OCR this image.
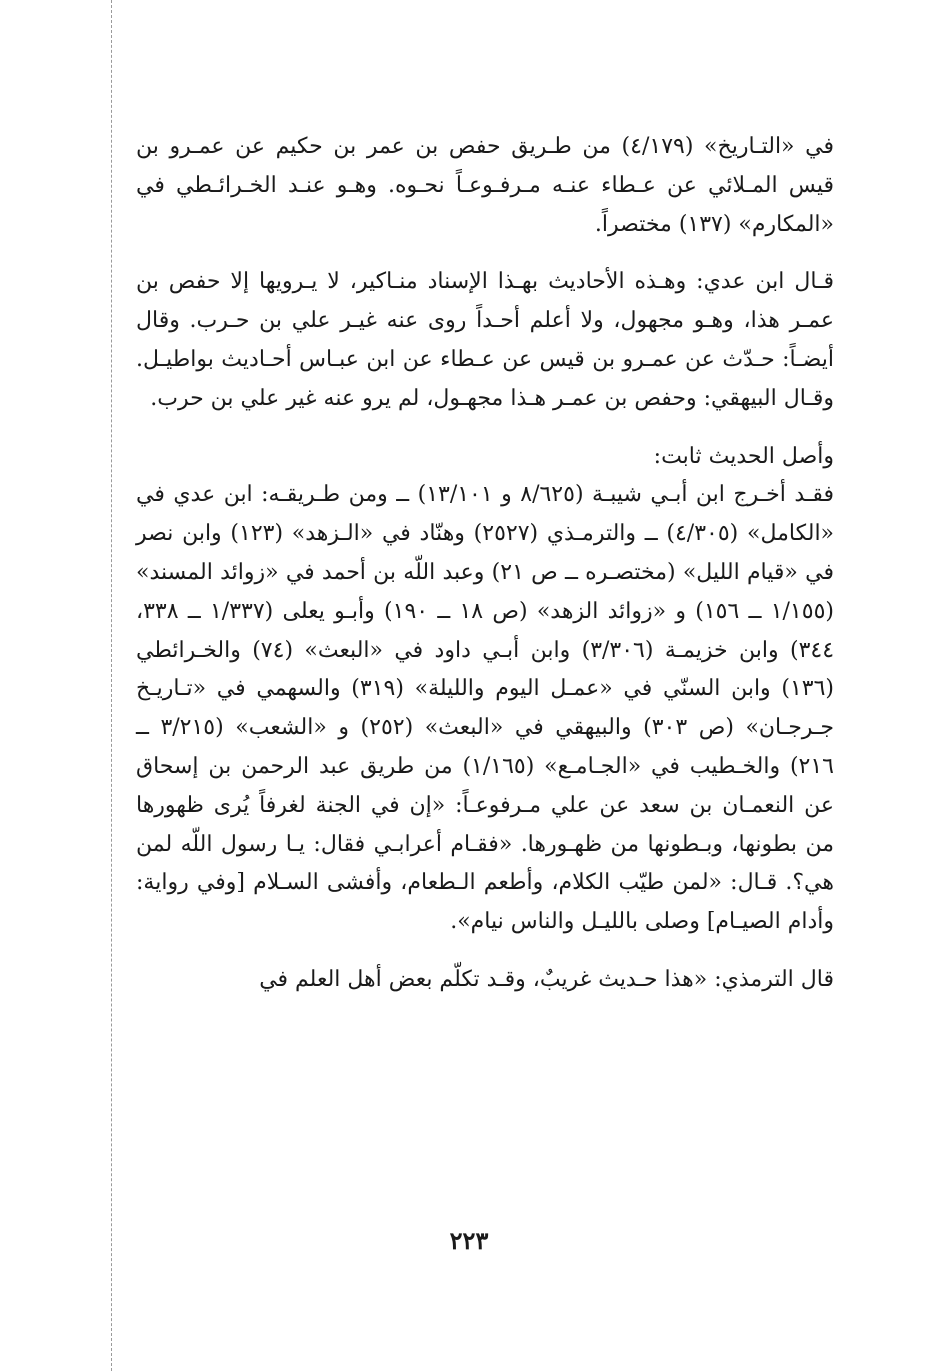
في «التـاريخ» (٤/١٧٩) من طـريق حفص بن عمر بن حكيم عن عمـرو بن قيس المـلائي عن عـطاء عنـه مـرفـوعـاً نحـوه. وهـو عنـد الخـرائـطي في «المكارم» (١٣٧) مختصراً.

قـال ابن عدي: وهـذه الأحاديث بهـذا الإسناد منـاكير، لا يـرويها إلا حفص بن عمـر هذا، وهـو مجهول، ولا أعلم أحـداً روى عنه غيـر علي بن حـرب. وقال أيضـاً: حـدّث عن عمـرو بن قيس عن عـطاء عن ابن عبـاس أحـاديث بواطيـل. وقـال البيهقي: وحفص بن عمـر هـذا مجهـول، لم يرو عنه غير علي بن حرب.

وأصل الحديث ثابت:

فقـد أخـرج ابن أبـي شيبـة (٨/٦٢٥ و ١٣/١٠١) ــ ومن طـريقـه: ابن عدي في «الكامل» (٤/٣٠٥) ــ والترمـذي (٢٥٢٧) وهنّاد في «الـزهد» (١٢٣) وابن نصر في «قيام الليل» (مختصـره ــ ص ٢١) وعبد اللّه بن أحمد في «زوائد المسند» (١/١٥٥ ــ ١٥٦) و «زوائد الزهد» (ص ١٨ ــ ١٩٠) وأبـو يعلى (١/٣٣٧ ــ ٣٣٨، ٣٤٤) وابن خزيمـة (٣/٣٠٦) وابن أبـي داود في «البعث» (٧٤) والخـرائطي (١٣٦) وابن السنّي في «عمـل اليوم والليلة» (٣١٩) والسهمي في «تـاريـخ جـرجـان» (ص ٣٠٣) والبيهقي في «البعث» (٢٥٢) و «الشعب» (٣/٢١٥ ــ ٢١٦) والخـطيب في «الجـامـع» (١/١٦٥) من طريق عبد الرحمن بن إسحاق عن النعمـان بن سعد عن علي مـرفوعـاً: «إن في الجنة لغرفاً يُرى ظهورها من بطونها، وبـطونها من ظهـورها. «فقـام أعرابـي فقال: يـا رسول اللّه لمن هي؟. قـال: «لمن طيّب الكلام، وأطعم الـطعام، وأفشى السـلام [وفي رواية: وأدام الصيـام] وصلى بالليـل والناس نيام».

قال الترمذي: «هذا حـديث غريبٌ، وقـد تكلّم بعض أهل العلم في

٢٢٣
